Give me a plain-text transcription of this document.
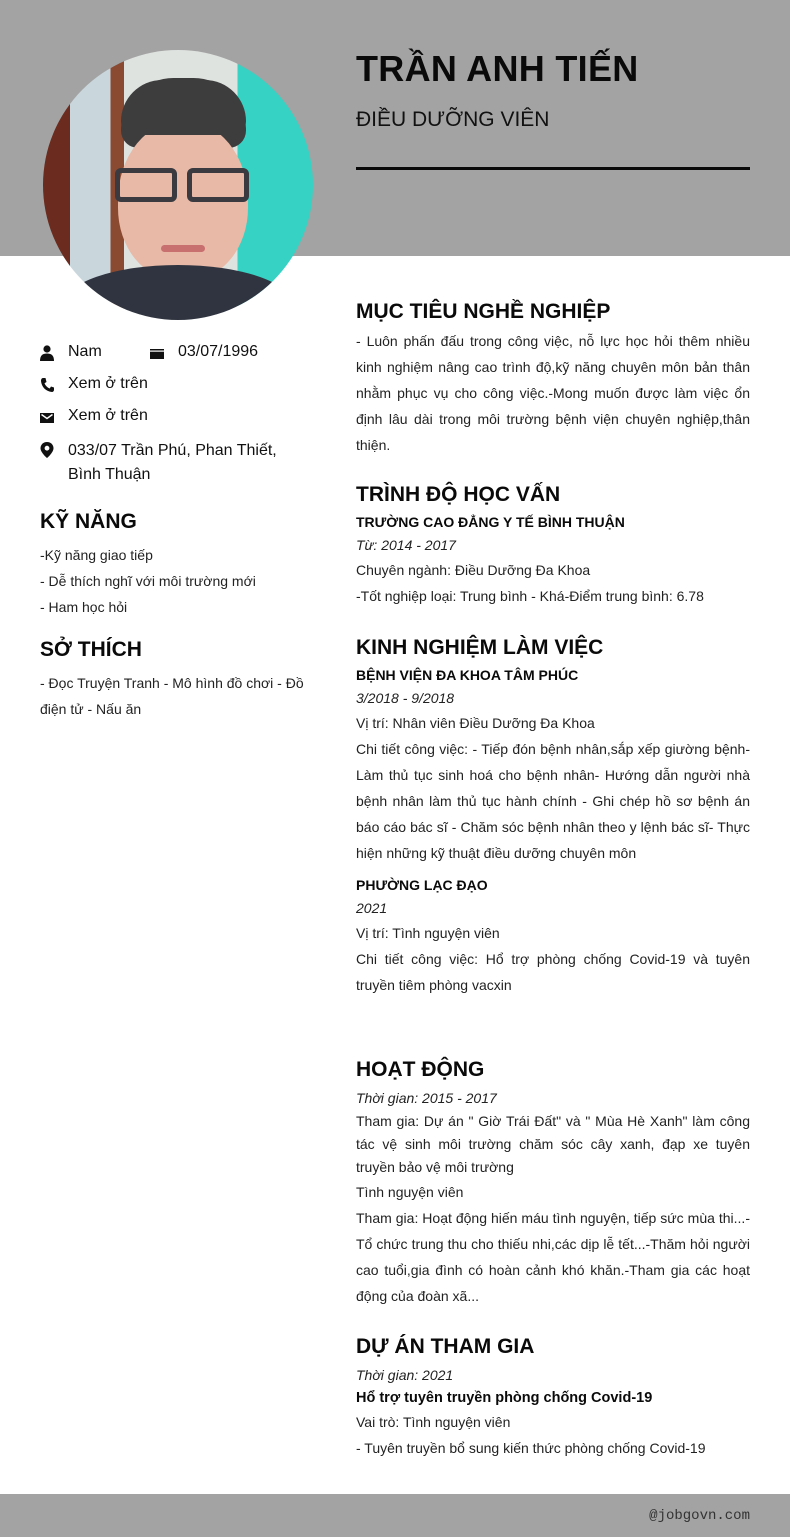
TRẦN ANH TIẾN
ĐIỀU DƯỠNG VIÊN
Nam	03/07/1996
Xem ở trên
Xem ở trên
033/07 Trần Phú, Phan Thiết,
Bình Thuận
KỸ NĂNG
-Kỹ năng giao tiếp
- Dễ thích nghĩ với môi trường mới
- Ham học hỏi
SỞ THÍCH
- Đọc Truyện Tranh - Mô hình đồ chơi - Đồ điện tử - Nấu ăn
MỤC TIÊU NGHỀ NGHIỆP
- Luôn phấn đấu trong công việc, nỗ lực học hỏi thêm nhiều kinh nghiệm nâng cao trình độ,kỹ năng chuyên môn bản thân nhằm phục vụ cho công việc.-Mong muốn được làm việc ổn định lâu dài trong môi trường bệnh viện chuyên nghiệp,thân thiện.
TRÌNH ĐỘ HỌC VẤN
TRƯỜNG CAO ĐẲNG Y TẾ BÌNH THUẬN
Từ: 2014 - 2017
Chuyên ngành: Điều Dưỡng Đa Khoa
-Tốt nghiệp loại: Trung bình - Khá-Điểm trung bình: 6.78
KINH NGHIỆM LÀM VIỆC
BỆNH VIỆN ĐA KHOA TÂM PHÚC
3/2018 - 9/2018
Vị trí: Nhân viên Điều Dưỡng Đa Khoa
Chi tiết công việc: - Tiếp đón bệnh nhân,sắp xếp giường bệnh- Làm thủ tục sinh hoá cho bệnh nhân- Hướng dẫn người nhà bệnh nhân làm thủ tục hành chính - Ghi chép hồ sơ bệnh án báo cáo bác sĩ - Chăm sóc bệnh nhân theo y lệnh bác sĩ- Thực hiện những kỹ thuật điều dưỡng chuyên môn
PHƯỜNG LẠC ĐẠO
2021
Vị trí: Tình nguyện viên
Chi tiết công việc: Hổ trợ phòng chống Covid-19 và tuyên truyền tiêm phòng vacxin
HOẠT ĐỘNG
Thời gian: 2015 - 2017
Tham gia: Dự án " Giờ Trái Đất" và " Mùa Hè Xanh" làm công tác vệ sinh môi trường chăm sóc cây xanh, đạp xe tuyên truyền bảo vệ môi trường
Tình nguyện viên
Tham gia: Hoạt động hiến máu tình nguyện, tiếp sức mùa thi...-Tổ chức trung thu cho thiếu nhi,các dịp lễ tết...-Thăm hỏi người cao tuổi,gia đình có hoàn cảnh khó khăn.-Tham gia các hoạt động của đoàn xã...
DỰ ÁN THAM GIA
Thời gian: 2021
Hổ trợ tuyên truyền phòng chống Covid-19
Vai trò: Tình nguyện viên
- Tuyên truyền bổ sung kiến thức phòng chống Covid-19
@jobgovn.com
